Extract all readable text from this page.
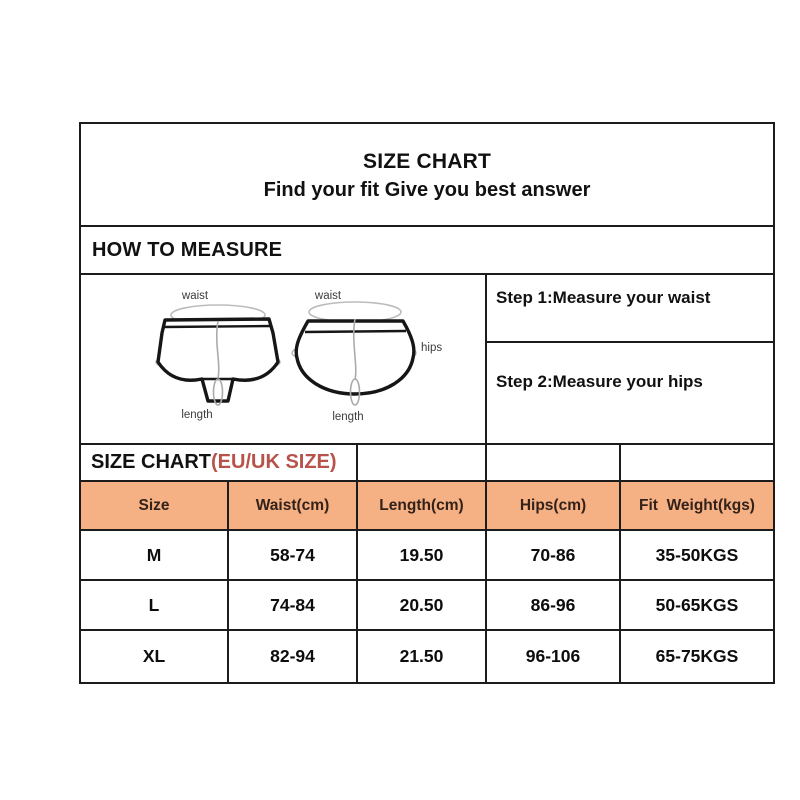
SIZE CHART
Find your fit Give you best answer
HOW TO MEASURE
waist
length
waist
hips
length
Step 1:Measure your waist
Step 2:Measure your hips
SIZE CHART(EU/UK SIZE)
Size	Waist(cm)	Length(cm)	Hips(cm)	Fit  Weight(kgs)
M	58-74	19.50	70-86	35-50KGS
L	74-84	20.50	86-96	50-65KGS
XL	82-94	21.50	96-106	65-75KGS
